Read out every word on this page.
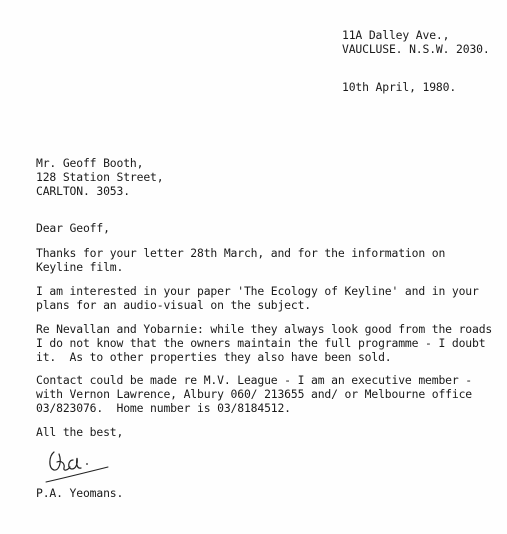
11A Dalley Ave.,
VAUCLUSE. N.S.W. 2030.
10th April, 1980.
Mr. Geoff Booth,
128 Station Street,
CARLTON. 3053.
Dear Geoff,
Thanks for your letter 28th March, and for the information on
Keyline film.
I am interested in your paper 'The Ecology of Keyline' and in your
plans for an audio-visual on the subject.
Re Nevallan and Yobarnie: while they always look good from the roads
I do not know that the owners maintain the full programme - I doubt
it.  As to other properties they also have been sold.
Contact could be made re M.V. League - I am an executive member -
with Vernon Lawrence, Albury 060/ 213655 and/ or Melbourne office
03/823076.  Home number is 03/8184512.
All the best,
P.A. Yeomans.
